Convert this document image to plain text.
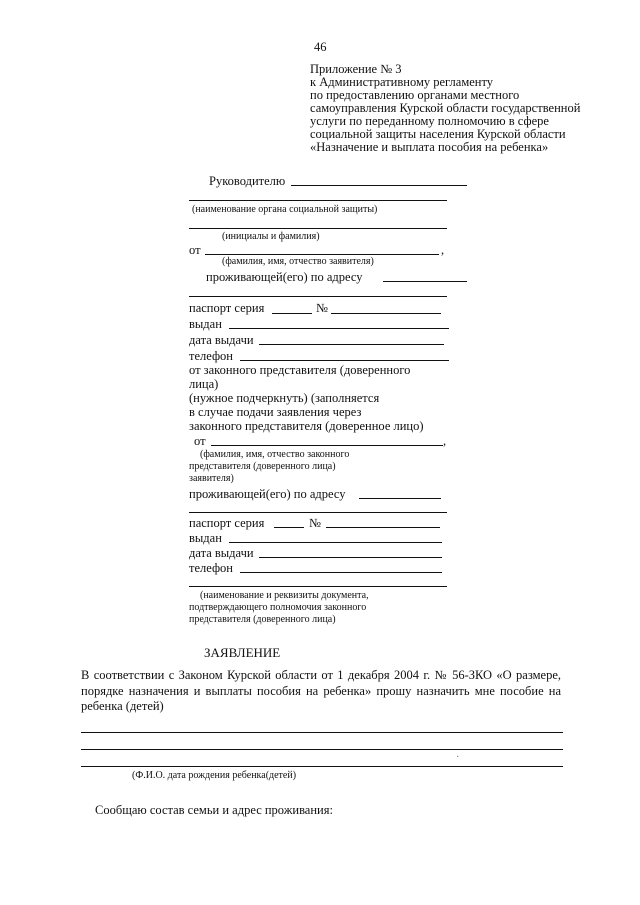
46
Приложение № 3
к Административному регламенту
по предоставлению органами местного
самоуправления Курской области государственной
услуги по переданному полномочию в сфере
социальной защиты населения Курской области
«Назначение и выплата пособия на ребенка»
Руководителю
(наименование органа социальной защиты)
(инициалы и фамилия)
от	,
(фамилия, имя, отчество заявителя)
проживающей(его) по адресу
паспорт серия	№
выдан
дата выдачи
телефон
от законного представителя (доверенного
лица)
(нужное подчеркнуть) (заполняется
в случае подачи заявления через
законного представителя (доверенное лицо)
от	,
(фамилия, имя, отчество законного
представителя (доверенного лица)
заявителя)
проживающей(его) по адресу
паспорт серия	№
выдан
дата выдачи
телефон
(наименование и реквизиты документа,
подтверждающего полномочия законного
представителя (доверенного лица)
ЗАЯВЛЕНИЕ
В соответствии с Законом Курской области от 1 декабря 2004 г. № 56-ЗКО «О размере, порядке назначения и выплаты пособия на ребенка» прошу назначить мне пособие на ребенка (детей)
·
(Ф.И.О. дата рождения ребенка(детей)
Сообщаю состав семьи и адрес проживания:
